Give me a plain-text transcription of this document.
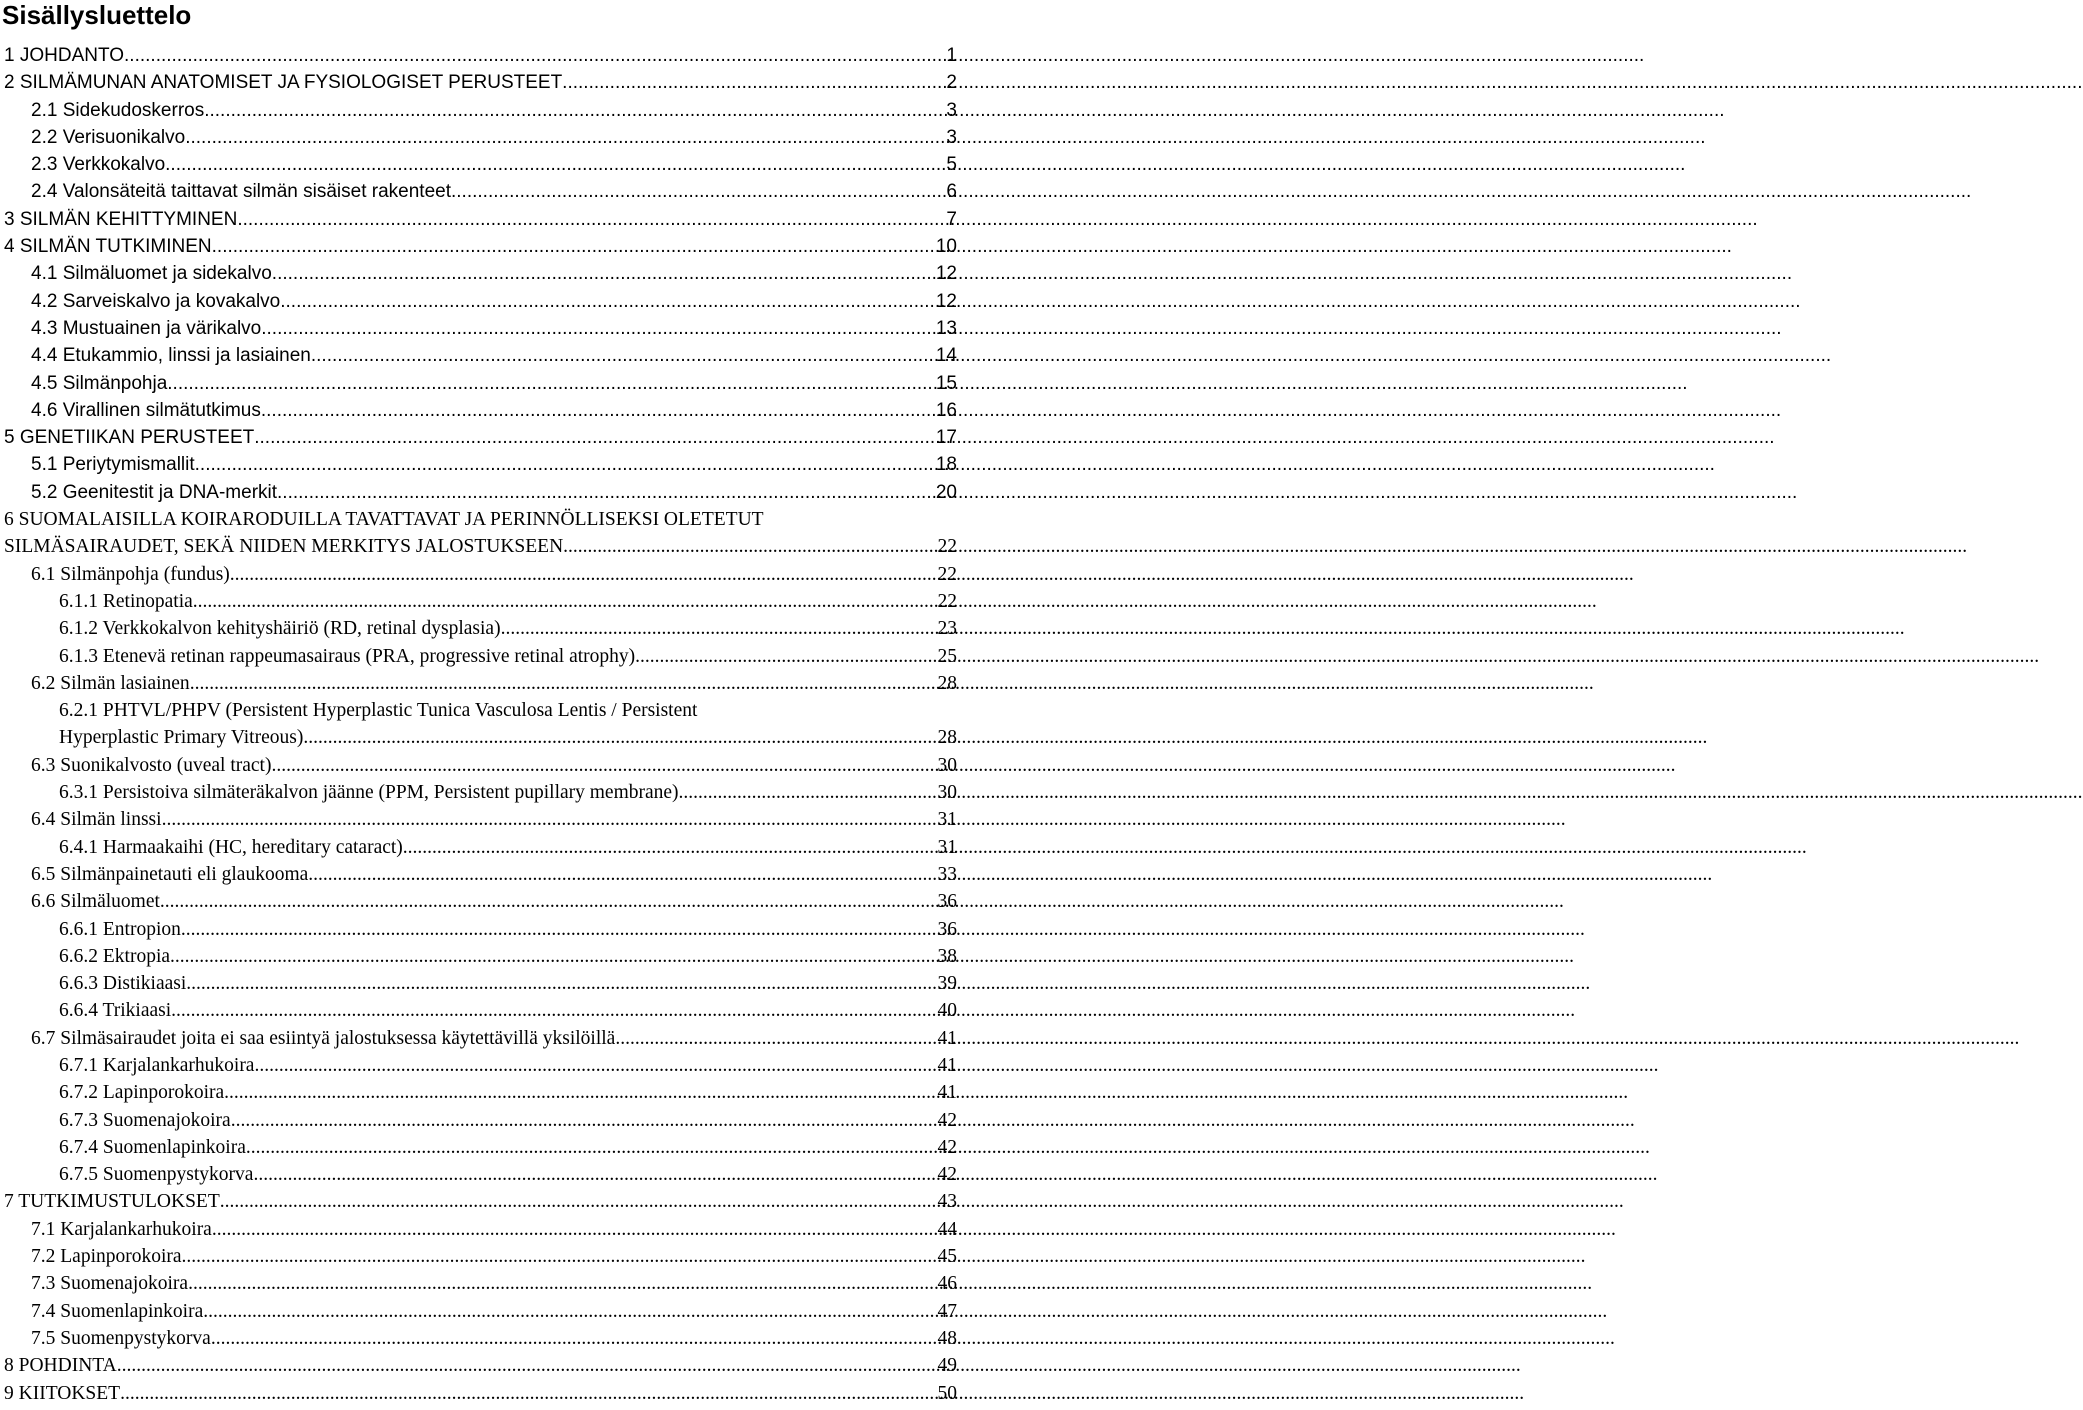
Sisällysluettelo
1 JOHDANTO .....	1
2 SILMÄMUNAN ANATOMISET JA FYSIOLOGISET PERUSTEET .....	2
2.1 Sidekudoskerros .....	3
2.2 Verisuonikalvo .....	3
2.3 Verkkokalvo .....	5
2.4 Valonsäteitä taittavat silmän sisäiset rakenteet .....	6
3 SILMÄN KEHITTYMINEN .....	7
4 SILMÄN TUTKIMINEN .....	10
4.1 Silmäluomet ja sidekalvo .....	12
4.2 Sarveiskalvo ja kovakalvo .....	12
4.3 Mustuainen ja värikalvo .....	13
4.4 Etukammio, linssi ja lasiainen .....	14
4.5 Silmänpohja .....	15
4.6 Virallinen silmätutkimus .....	16
5 GENETIIKAN PERUSTEET .....	17
5.1 Periytymismallit .....	18
5.2 Geenitestit ja DNA-merkit .....	20
6 SUOMALAISILLA KOIRARODUILLA TAVATTAVAT JA PERINNÖLLISEKSI OLETETUT
SILMÄSAIRAUDET, SEKÄ NIIDEN MERKITYS JALOSTUKSEEN .....	22
6.1 Silmänpohja (fundus) .....	22
6.1.1 Retinopatia .....	22
6.1.2 Verkkokalvon kehityshäiriö (RD, retinal dysplasia) .....	23
6.1.3 Etenevä retinan rappeumasairaus (PRA, progressive retinal atrophy) .....	25
6.2 Silmän lasiainen .....	28
6.2.1 PHTVL/PHPV (Persistent Hyperplastic Tunica Vasculosa Lentis / Persistent
Hyperplastic Primary Vitreous) .....	28
6.3 Suonikalvosto (uveal tract) .....	30
6.3.1 Persistoiva silmäteräkalvon jäänne (PPM, Persistent pupillary membrane) .....	30
6.4 Silmän linssi .....	31
6.4.1 Harmaakaihi (HC, hereditary cataract) .....	31
6.5 Silmänpainetauti eli glaukooma .....	33
6.6 Silmäluomet .....	36
6.6.1 Entropion .....	36
6.6.2 Ektropia .....	38
6.6.3 Distikiaasi .....	39
6.6.4 Trikiaasi .....	40
6.7 Silmäsairaudet joita ei saa esiintyä jalostuksessa käytettävillä yksilöillä .....	41
6.7.1 Karjalankarhukoira .....	41
6.7.2 Lapinporokoira .....	41
6.7.3 Suomenajokoira .....	42
6.7.4 Suomenlapinkoira .....	42
6.7.5 Suomenpystykorva .....	42
7 TUTKIMUSTULOKSET .....	43
7.1 Karjalankarhukoira .....	44
7.2 Lapinporokoira .....	45
7.3 Suomenajokoira .....	46
7.4 Suomenlapinkoira .....	47
7.5 Suomenpystykorva .....	48
8 POHDINTA .....	49
9 KIITOKSET .....	50
